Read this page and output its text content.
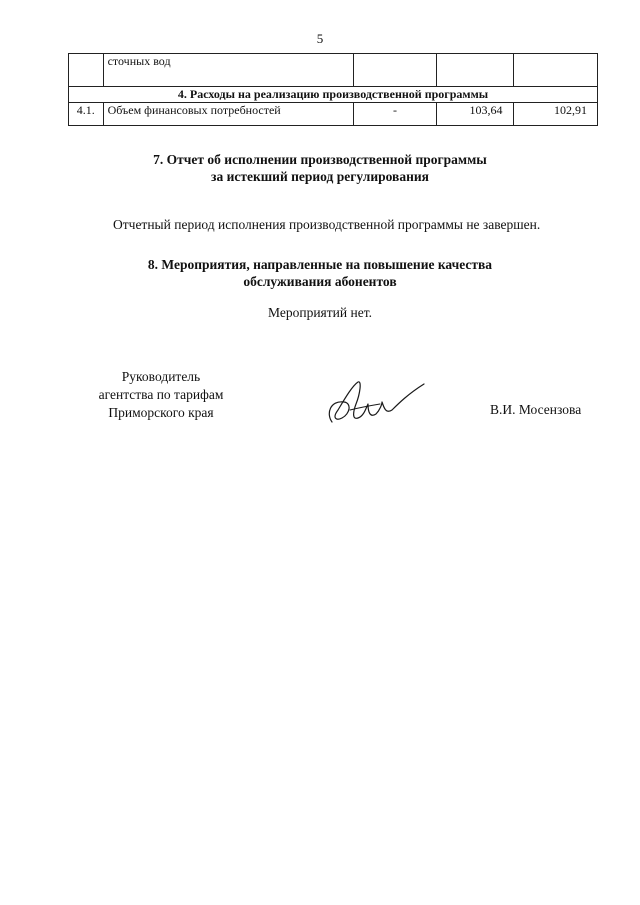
5
	сточных вод			
4. Расходы на реализацию производственной программы				
4.1.	Объем финансовых потребностей	-	103,64	102,91
7. Отчет об исполнении производственной программы
за истекший период регулирования
Отчетный период исполнения производственной программы не завершен.
8. Мероприятия, направленные на повышение качества
обслуживания абонентов
Мероприятий нет.
Руководитель
агентства по тарифам
Приморского края	В.И. Мосензова
